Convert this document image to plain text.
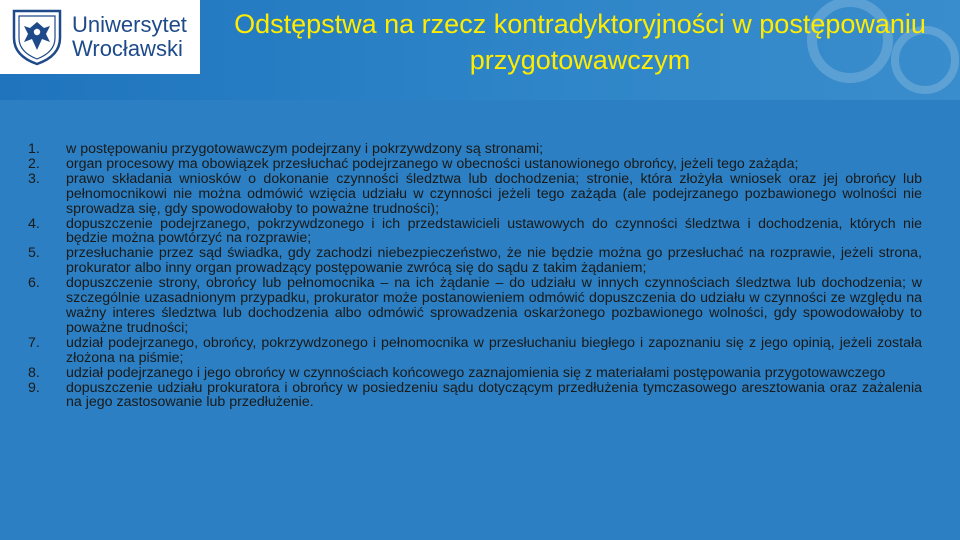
Uniwersytet
Wrocławski
Odstępstwa na rzecz kontradyktoryjności w postępowaniu przygotowawczym
1.	w postępowaniu przygotowawczym podejrzany i pokrzywdzony są stronami;
2.	organ procesowy ma obowiązek przesłuchać podejrzanego w obecności ustanowionego obrońcy, jeżeli tego zażąda;
3.	prawo składania wniosków o dokonanie czynności śledztwa lub dochodzenia; stronie, która złożyła wniosek oraz jej obrońcy lub pełnomocnikowi nie można odmówić wzięcia udziału w czynności jeżeli tego zażąda (ale podejrzanego pozbawionego wolności nie sprowadza się, gdy spowodowałoby to poważne trudności);
4.	dopuszczenie podejrzanego, pokrzywdzonego i ich przedstawicieli ustawowych do czynności śledztwa i dochodzenia, których nie będzie można powtórzyć na rozprawie;
5.	przesłuchanie przez sąd świadka, gdy zachodzi niebezpieczeństwo, że nie będzie można go przesłuchać na rozprawie, jeżeli strona, prokurator albo inny organ prowadzący postępowanie zwrócą się do sądu z takim żądaniem;
6.	dopuszczenie strony, obrońcy lub pełnomocnika – na ich żądanie – do udziału w innych czynnościach śledztwa lub dochodzenia; w szczególnie uzasadnionym przypadku, prokurator może postanowieniem odmówić dopuszczenia do udziału w czynności ze względu na ważny interes śledztwa lub dochodzenia albo odmówić sprowadzenia oskarżonego pozbawionego wolności, gdy spowodowałoby to poważne trudności;
7.	udział podejrzanego, obrońcy, pokrzywdzonego i pełnomocnika w przesłuchaniu biegłego i zapoznaniu się z jego opinią, jeżeli została złożona na piśmie;
8.	udział podejrzanego i jego obrońcy w czynnościach końcowego zaznajomienia się z materiałami postępowania przygotowawczego
9.	dopuszczenie udziału prokuratora i obrońcy w posiedzeniu sądu dotyczącym przedłużenia tymczasowego aresztowania oraz zażalenia na jego zastosowanie lub przedłużenie.
